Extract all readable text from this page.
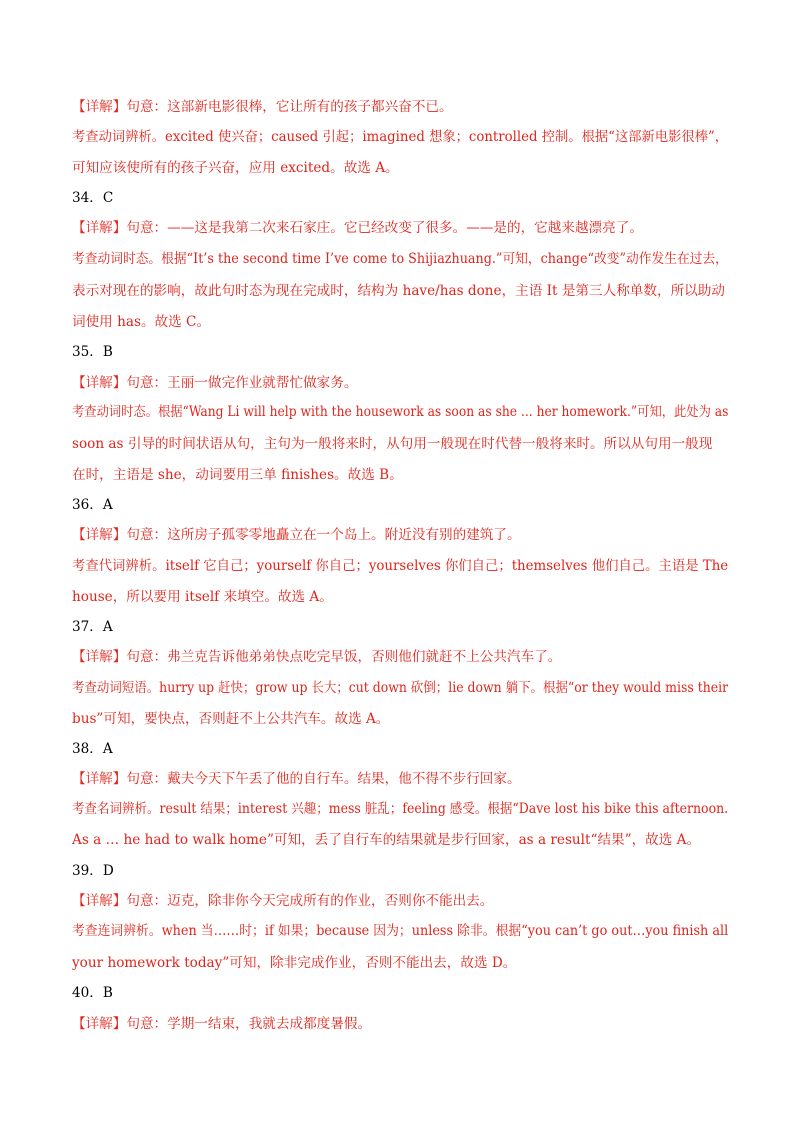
【详解】句意：这部新电影很棒，它让所有的孩子都兴奋不已。
考查动词辨析。excited 使兴奋；caused 引起；imagined 想象；controlled 控制。根据“这部新电影很棒”，
可知应该使所有的孩子兴奋，应用 excited。故选 A。
34．C
【详解】句意：——这是我第二次来石家庄。它已经改变了很多。——是的，它越来越漂亮了。
考查动词时态。根据“It’s the second time I’ve come to Shijiazhuang.”可知，change“改变”动作发生在过去，
表示对现在的影响，故此句时态为现在完成时，结构为 have/has done，主语 It 是第三人称单数，所以助动
词使用 has。故选 C。
35．B
【详解】句意：王丽一做完作业就帮忙做家务。
考查动词时态。根据“Wang Li will help with the housework as soon as she ... her homework.”可知，此处为 as
soon as 引导的时间状语从句，主句为一般将来时，从句用一般现在时代替一般将来时。所以从句用一般现
在时，主语是 she，动词要用三单 finishes。故选 B。
36．A
【详解】句意：这所房子孤零零地矗立在一个岛上。附近没有别的建筑了。
考查代词辨析。itself 它自己；yourself 你自己；yourselves 你们自己；themselves 他们自己。主语是 The
house，所以要用 itself 来填空。故选 A。
37．A
【详解】句意：弗兰克告诉他弟弟快点吃完早饭，否则他们就赶不上公共汽车了。
考查动词短语。hurry up 赶快；grow up 长大；cut down 砍倒；lie down 躺下。根据“or they would miss their
bus”可知，要快点，否则赶不上公共汽车。故选 A。
38．A
【详解】句意：戴夫今天下午丢了他的自行车。结果，他不得不步行回家。
考查名词辨析。result 结果；interest 兴趣；mess 脏乱；feeling 感受。根据“Dave lost his bike this afternoon.
As a … he had to walk home”可知，丢了自行车的结果就是步行回家，as a result“结果”，故选 A。
39．D
【详解】句意：迈克，除非你今天完成所有的作业，否则你不能出去。
考查连词辨析。when 当……时；if 如果；because 因为；unless 除非。根据“you can’t go out…you finish all
your homework today”可知，除非完成作业，否则不能出去，故选 D。
40．B
【详解】句意：学期一结束，我就去成都度暑假。
